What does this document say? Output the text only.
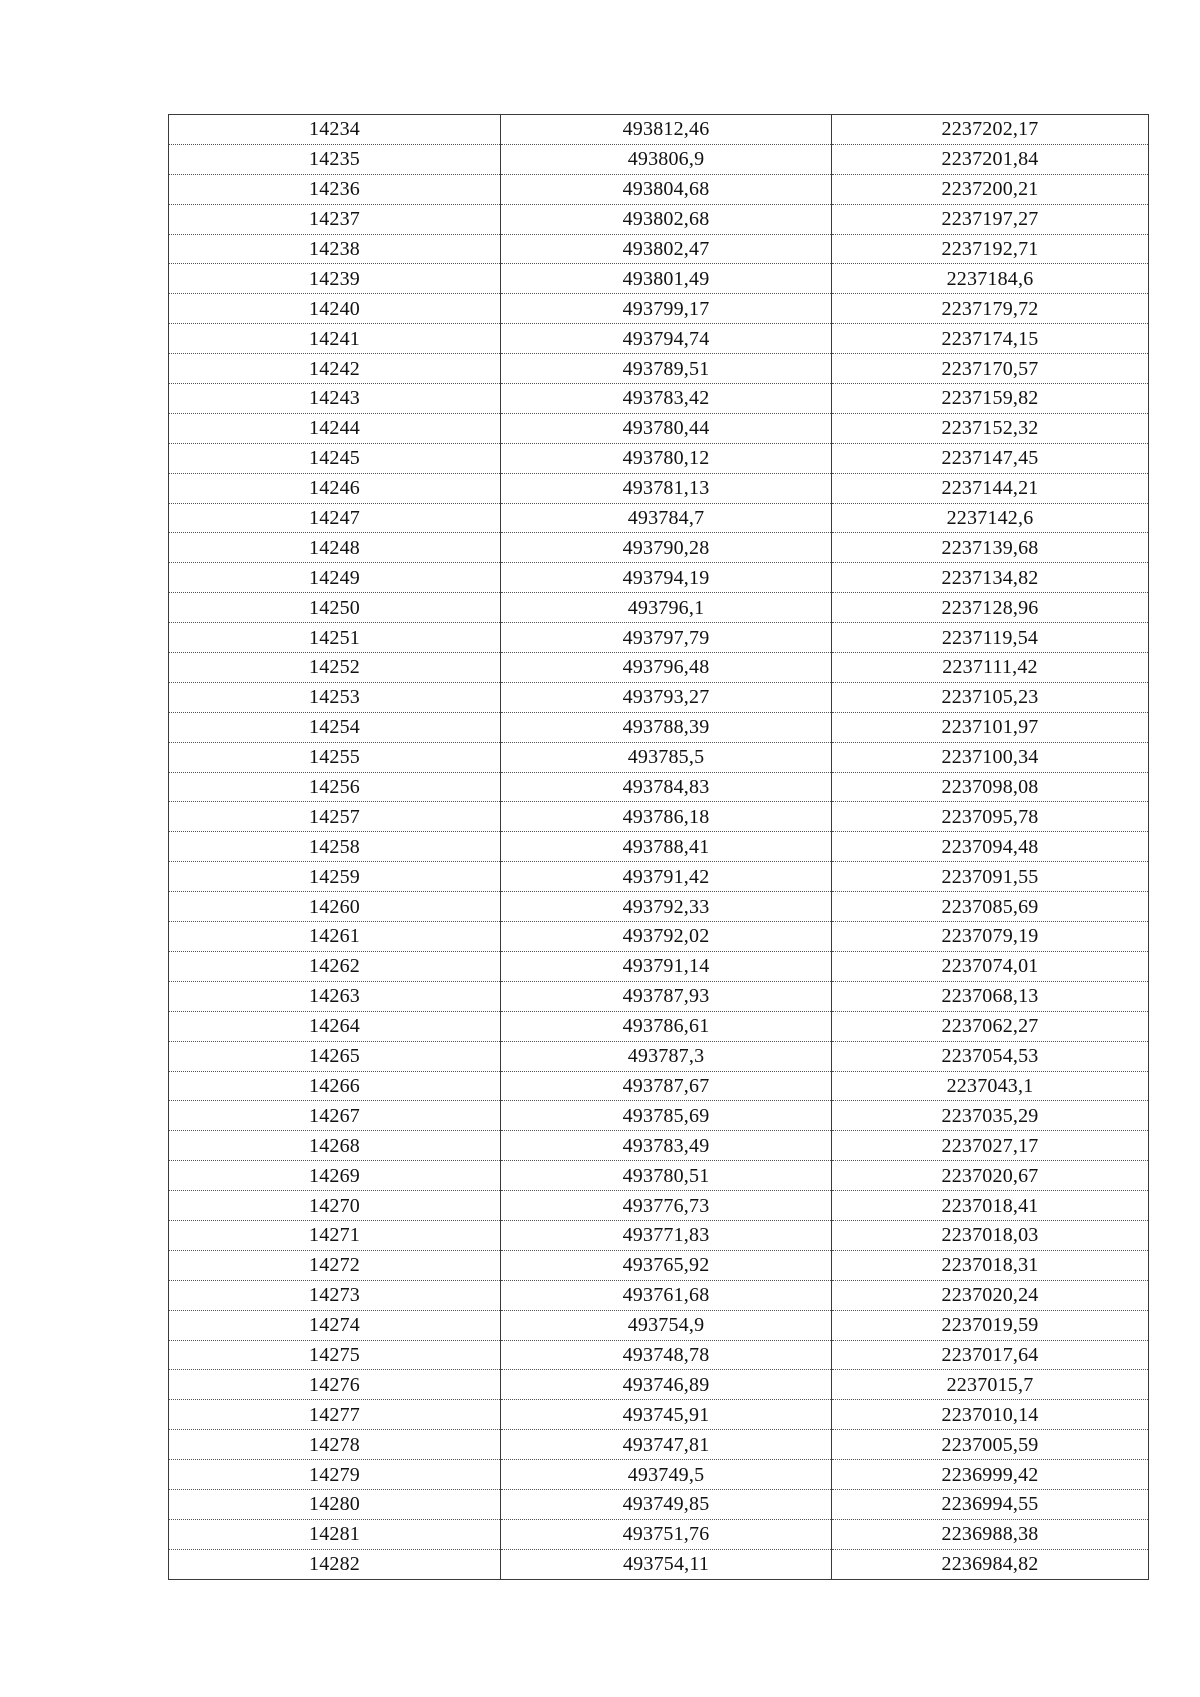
14234	493812,46	2237202,17
14235	493806,9	2237201,84
14236	493804,68	2237200,21
14237	493802,68	2237197,27
14238	493802,47	2237192,71
14239	493801,49	2237184,6
14240	493799,17	2237179,72
14241	493794,74	2237174,15
14242	493789,51	2237170,57
14243	493783,42	2237159,82
14244	493780,44	2237152,32
14245	493780,12	2237147,45
14246	493781,13	2237144,21
14247	493784,7	2237142,6
14248	493790,28	2237139,68
14249	493794,19	2237134,82
14250	493796,1	2237128,96
14251	493797,79	2237119,54
14252	493796,48	2237111,42
14253	493793,27	2237105,23
14254	493788,39	2237101,97
14255	493785,5	2237100,34
14256	493784,83	2237098,08
14257	493786,18	2237095,78
14258	493788,41	2237094,48
14259	493791,42	2237091,55
14260	493792,33	2237085,69
14261	493792,02	2237079,19
14262	493791,14	2237074,01
14263	493787,93	2237068,13
14264	493786,61	2237062,27
14265	493787,3	2237054,53
14266	493787,67	2237043,1
14267	493785,69	2237035,29
14268	493783,49	2237027,17
14269	493780,51	2237020,67
14270	493776,73	2237018,41
14271	493771,83	2237018,03
14272	493765,92	2237018,31
14273	493761,68	2237020,24
14274	493754,9	2237019,59
14275	493748,78	2237017,64
14276	493746,89	2237015,7
14277	493745,91	2237010,14
14278	493747,81	2237005,59
14279	493749,5	2236999,42
14280	493749,85	2236994,55
14281	493751,76	2236988,38
14282	493754,11	2236984,82
